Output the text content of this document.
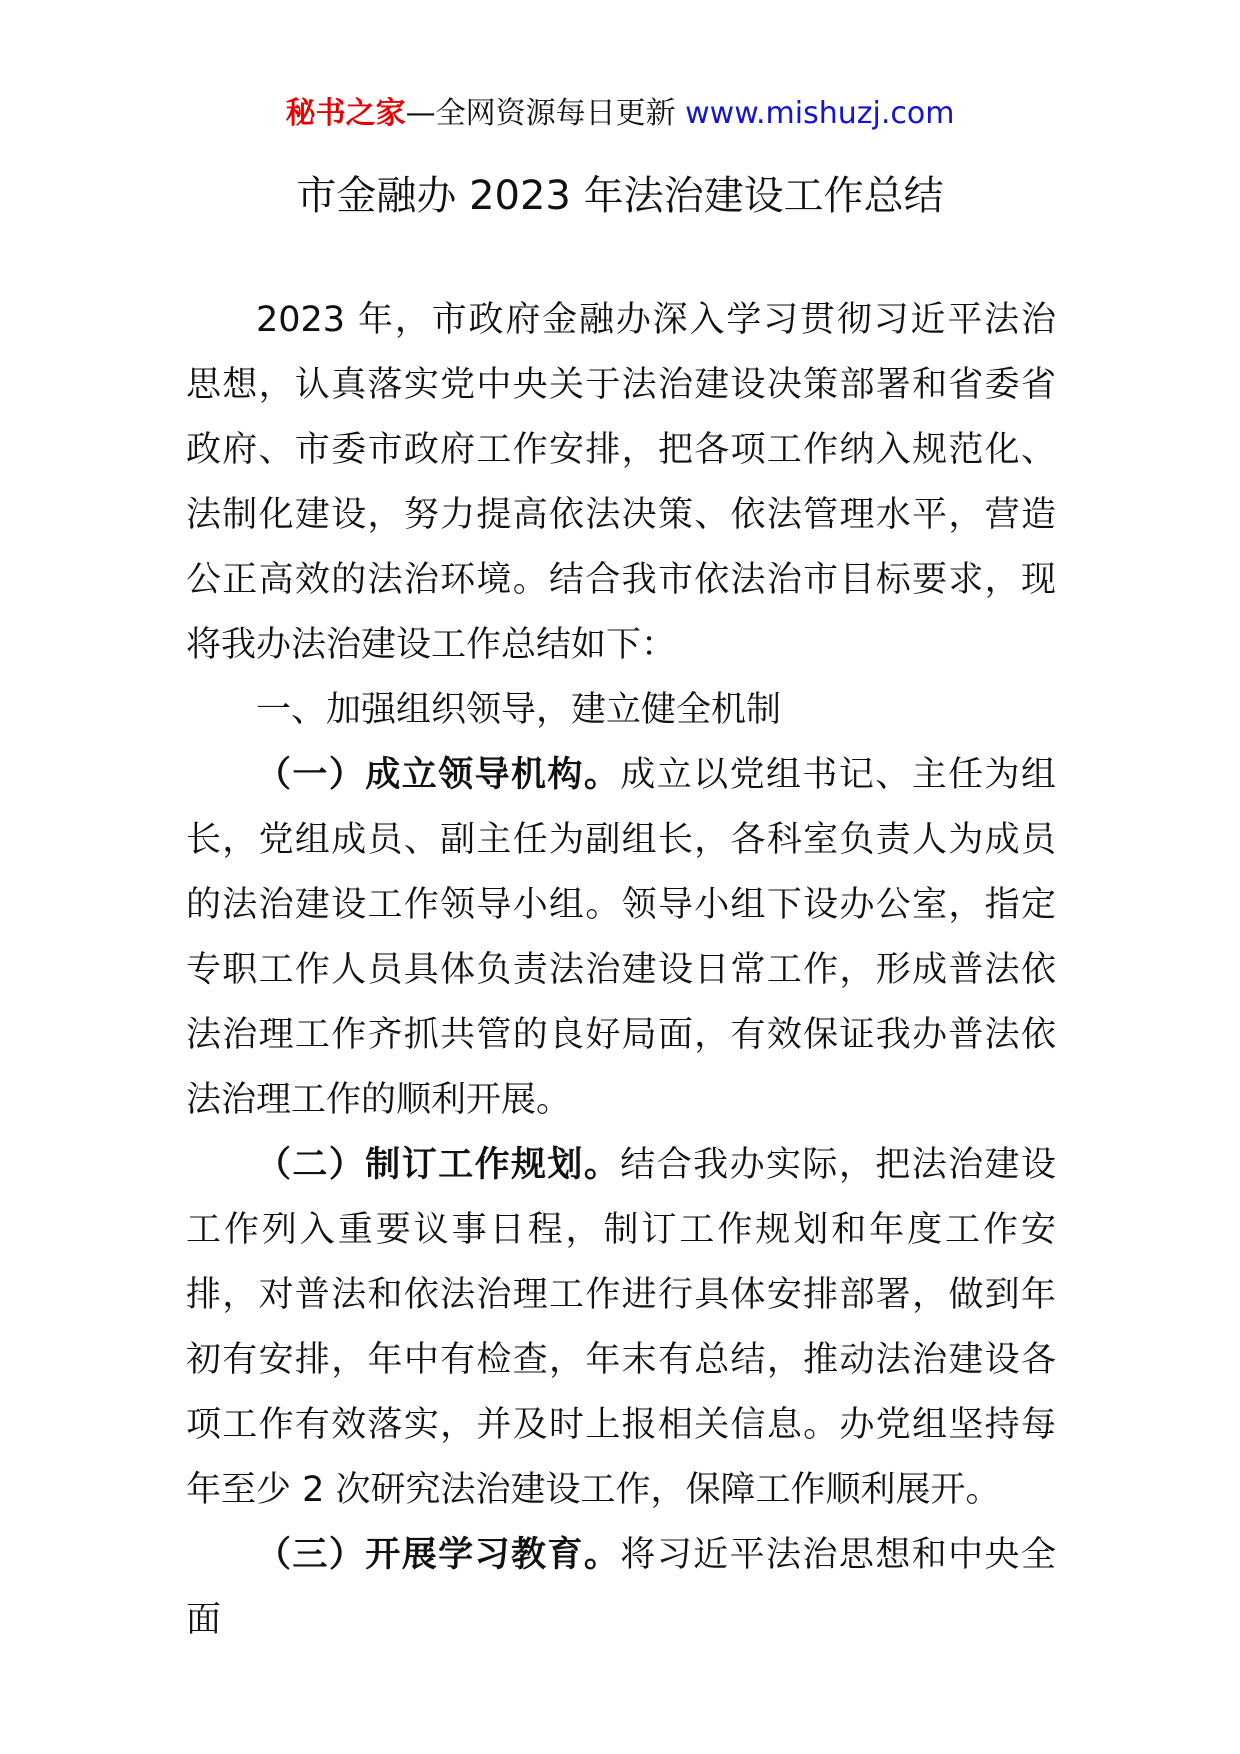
秘书之家—全网资源每日更新 www.mishuzj.com
市金融办 2023 年法治建设工作总结

2023 年，市政府金融办深入学习贯彻习近平法治思想，认真落实党中央关于法治建设决策部署和省委省政府、市委市政府工作安排，把各项工作纳入规范化、法制化建设，努力提高依法决策、依法管理水平，营造公正高效的法治环境。结合我市依法治市目标要求，现将我办法治建设工作总结如下：

一、加强组织领导，建立健全机制

（一）成立领导机构。成立以党组书记、主任为组长，党组成员、副主任为副组长，各科室负责人为成员的法治建设工作领导小组。领导小组下设办公室，指定专职工作人员具体负责法治建设日常工作，形成普法依法治理工作齐抓共管的良好局面，有效保证我办普法依法治理工作的顺利开展。

（二）制订工作规划。结合我办实际，把法治建设工作列入重要议事日程，制订工作规划和年度工作安排，对普法和依法治理工作进行具体安排部署，做到年初有安排，年中有检查，年末有总结，推动法治建设各项工作有效落实，并及时上报相关信息。办党组坚持每年至少 2 次研究法治建设工作，保障工作顺利展开。

（三）开展学习教育。将习近平法治思想和中央全面
